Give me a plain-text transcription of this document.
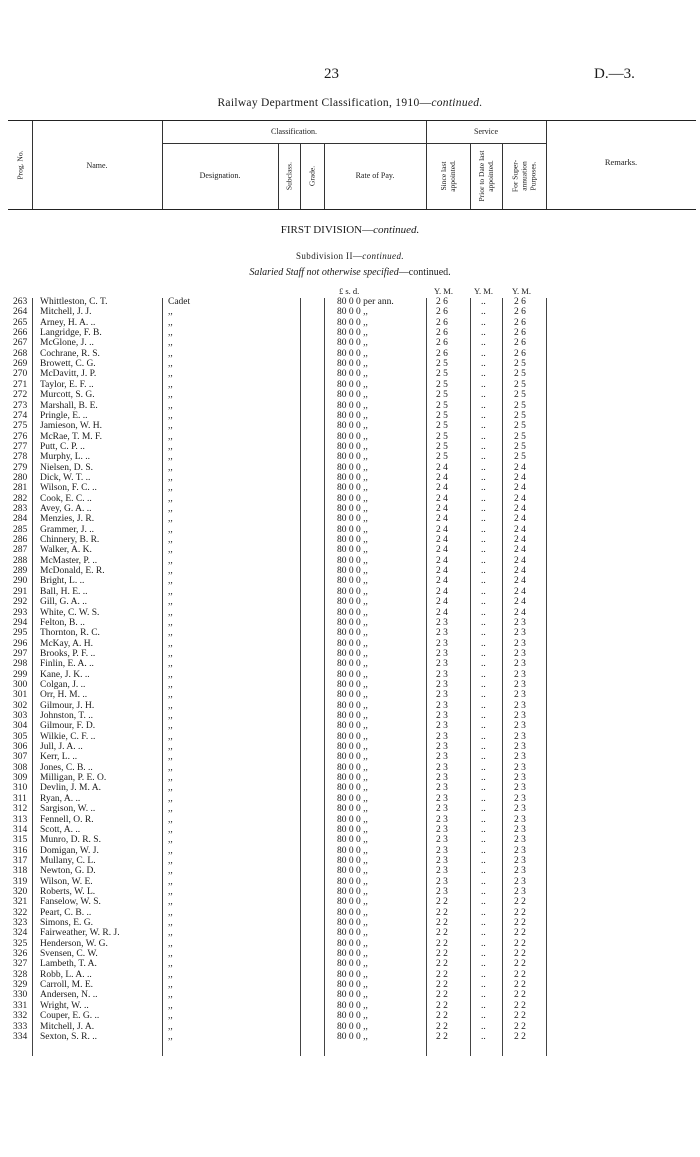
23	D.—3.
Railway Department Classification, 1910—continued.
Prog. No.	Name.
Classification.
Designation.	Subclass. Grade.	Rate of Pay.
Service
Since last appointed.	Prior to Date last appointed. For Super-annuation Purposes.	Remarks.
FIRST DIVISION—continued.
Subdivision II—continued.
Salaried Staff not otherwise specified—continued.
£ s. d.	Y. M. Y. M. Y. M.
263	Whittleston, C. T.	Cadet	80 0 0 per ann.	2 6	..	2 6
264	Mitchell, J. J.	,,	80 0 0 ,,	2 6	..	2 6
265	Arney, H. A. ..	,,	80 0 0 ,,	2 6	..	2 6
266	Langridge, F. B.	,,	80 0 0 ,,	2 6	..	2 6
267	McGlone, J. ..	,,	80 0 0 ,,	2 6	..	2 6
268	Cochrane, R. S.	,,	80 0 0 ,,	2 6	..	2 6
269	Browett, C. G.	,,	80 0 0 ,,	2 5	..	2 5
270	McDavitt, J. P.	,,	80 0 0 ,,	2 5	..	2 5
271	Taylor, E. F. ..	,,	80 0 0 ,,	2 5	..	2 5
272	Murcott, S. G.	,,	80 0 0 ,,	2 5	..	2 5
273	Marshall, B. E.	,,	80 0 0 ,,	2 5	..	2 5
274	Pringle, E. ..	,,	80 0 0 ,,	2 5	..	2 5
275	Jamieson, W. H.	,,	80 0 0 ,,	2 5	..	2 5
276	McRae, T. M. F.	,,	80 0 0 ,,	2 5	..	2 5
277	Putt, C. P. ..	,,	80 0 0 ,,	2 5	..	2 5
278	Murphy, L. ..	,,	80 0 0 ,,	2 5	..	2 5
279	Nielsen, D. S.	,,	80 0 0 ,,	2 4	..	2 4
280	Dick, W. T. ..	,,	80 0 0 ,,	2 4	..	2 4
281	Wilson, F. C. ..	,,	80 0 0 ,,	2 4	..	2 4
282	Cook, E. C. ..	,,	80 0 0 ,,	2 4	..	2 4
283	Avey, G. A. ..	,,	80 0 0 ,,	2 4	..	2 4
284	Menzies, J. R.	,,	80 0 0 ,,	2 4	..	2 4
285	Grammer, J. ..	,,	80 0 0 ,,	2 4	..	2 4
286	Chinnery, B. R.	,,	80 0 0 ,,	2 4	..	2 4
287	Walker, A. K.	,,	80 0 0 ,,	2 4	..	2 4
288	McMaster, P. ..	,,	80 0 0 ,,	2 4	..	2 4
289	McDonald, E. R.	,,	80 0 0 ,,	2 4	..	2 4
290	Bright, L. ..	,,	80 0 0 ,,	2 4	..	2 4
291	Ball, H. E. ..	,,	80 0 0 ,,	2 4	..	2 4
292	Gill, G. A. ..	,,	80 0 0 ,,	2 4	..	2 4
293	White, C. W. S.	,,	80 0 0 ,,	2 4	..	2 4
294	Felton, B. ..	,,	80 0 0 ,,	2 3	..	2 3
295	Thornton, R. C.	,,	80 0 0 ,,	2 3	..	2 3
296	McKay, A. H.	,,	80 0 0 ,,	2 3	..	2 3
297	Brooks, P. F. ..	,,	80 0 0 ,,	2 3	..	2 3
298	Finlin, E. A. ..	,,	80 0 0 ,,	2 3	..	2 3
299	Kane, J. K. ..	,,	80 0 0 ,,	2 3	..	2 3
300	Colgan, J. ..	,,	80 0 0 ,,	2 3	..	2 3
301	Orr, H. M. ..	,,	80 0 0 ,,	2 3	..	2 3
302	Gilmour, J. H.	,,	80 0 0 ,,	2 3	..	2 3
303	Johnston, T. ..	,,	80 0 0 ,,	2 3	..	2 3
304	Gilmour, F. D.	,,	80 0 0 ,,	2 3	..	2 3
305	Wilkie, C. F. ..	,,	80 0 0 ,,	2 3	..	2 3
306	Jull, J. A. ..	,,	80 0 0 ,,	2 3	..	2 3
307	Kerr, L. ..	,,	80 0 0 ,,	2 3	..	2 3
308	Jones, C. B. ..	,,	80 0 0 ,,	2 3	..	2 3
309	Milligan, P. E. O.	,,	80 0 0 ,,	2 3	..	2 3
310	Devlin, J. M. A.	,,	80 0 0 ,,	2 3	..	2 3
311	Ryan, A. ..	,,	80 0 0 ,,	2 3	..	2 3
312	Sargison, W. ..	,,	80 0 0 ,,	2 3	..	2 3
313	Fennell, O. R.	,,	80 0 0 ,,	2 3	..	2 3
314	Scott, A. ..	,,	80 0 0 ,,	2 3	..	2 3
315	Munro, D. R. S.	,,	80 0 0 ,,	2 3	..	2 3
316	Domigan, W. J.	,,	80 0 0 ,,	2 3	..	2 3
317	Mullany, C. L.	,,	80 0 0 ,,	2 3	..	2 3
318	Newton, G. D.	,,	80 0 0 ,,	2 3	..	2 3
319	Wilson, W. E.	,,	80 0 0 ,,	2 3	..	2 3
320	Roberts, W. L.	,,	80 0 0 ,,	2 3	..	2 3
321	Fanselow, W. S.	,,	80 0 0 ,,	2 2	..	2 2
322	Peart, C. B. ..	,,	80 0 0 ,,	2 2	..	2 2
323	Simons, E. G.	,,	80 0 0 ,,	2 2	..	2 2
324	Fairweather, W. R. J.	,,	80 0 0 ,,	2 2	..	2 2
325	Henderson, W. G.	,,	80 0 0 ,,	2 2	..	2 2
326	Svensen, C. W.	,,	80 0 0 ,,	2 2	..	2 2
327	Lambeth, T. A.	,,	80 0 0 ,,	2 2	..	2 2
328	Robb, L. A. ..	,,	80 0 0 ,,	2 2	..	2 2
329	Carroll, M. E.	,,	80 0 0 ,,	2 2	..	2 2
330	Andersen, N. ..	,,	80 0 0 ,,	2 2	..	2 2
331	Wright, W. ..	,,	80 0 0 ,,	2 2	..	2 2
332	Couper, E. G. ..	,,	80 0 0 ,,	2 2	..	2 2
333	Mitchell, J. A.	,,	80 0 0 ,,	2 2	..	2 2
334	Sexton, S. R. ..	,,	80 0 0 ,,	2 2	..	2 2
